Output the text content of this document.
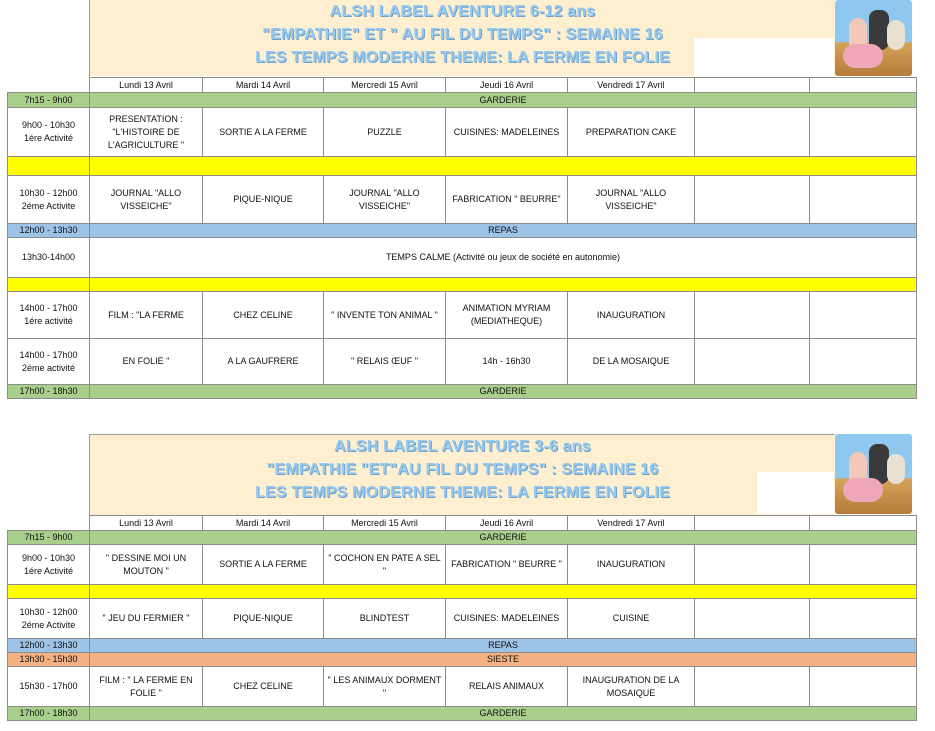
ALSH LABEL AVENTURE 6-12 ans
"EMPATHIE" ET " AU FIL DU TEMPS" : SEMAINE 16
LES TEMPS MODERNE THEME: LA FERME EN FOLIE
	Lundi 13 Avril	Mardi 14 Avril	Mercredi 15 Avril	Jeudi 16 Avril	Vendredi 17 Avril		
7h15 - 9h00	GARDERIE						

9h00 - 10h30
1ére Activité	PRESENTATION : "L'HISTOIRE DE L'AGRICULTURE "	SORTIE A LA FERME	PUZZLE	CUISINES: MADELEINES	PREPARATION CAKE		

10h30 - 12h00
2éme Activite	JOURNAL "ALLO VISSEICHE"	PIQUE-NIQUE	JOURNAL "ALLO VISSEICHE"	FABRICATION " BEURRE"	JOURNAL "ALLO VISSEICHE"		
12h00 - 13h30	REPAS						
13h30-14h00	TEMPS CALME (Activité ou jeux de société en autonomie)						

14h00 - 17h00
1ére activité	FILM : "LA FERME	CHEZ CELINE	" INVENTE TON ANIMAL "	ANIMATION MYRIAM (MEDIATHEQUE)	INAUGURATION		

14h00 - 17h00
2éme activité	EN FOLIE "	A LA GAUFRERE	" RELAIS ŒUF "	14h - 16h30	DE LA MOSAIQUE		
17h00 - 18h30	GARDERIE						
ALSH LABEL AVENTURE 3-6 ans
"EMPATHIE "ET"AU FIL DU TEMPS" : SEMAINE 16
LES TEMPS MODERNE THEME: LA FERME EN FOLIE
	Lundi 13 Avril	Mardi 14 Avril	Mercredi 15 Avril	Jeudi 16 Avril	Vendredi 17 Avril		
7h15 - 9h00	GARDERIE						

9h00 - 10h30
1ére Activité	" DESSINE MOI UN MOUTON "	SORTIE A LA FERME	" COCHON EN PATE A SEL "	FABRICATION " BEURRE "	INAUGURATION		

10h30 - 12h00
2éme Activite	" JEU DU FERMIER "	PIQUE-NIQUE	BLINDTEST	CUISINES: MADELEINES	CUISINE		
12h00 - 13h30	REPAS						
13h30 - 15h30	SIESTE						
15h30 - 17h00	FILM : " LA FERME EN FOLIE "	CHEZ CELINE	" LES ANIMAUX DORMENT "	RELAIS ANIMAUX	INAUGURATION DE LA MOSAIQUE		
17h00 - 18h30	GARDERIE						
